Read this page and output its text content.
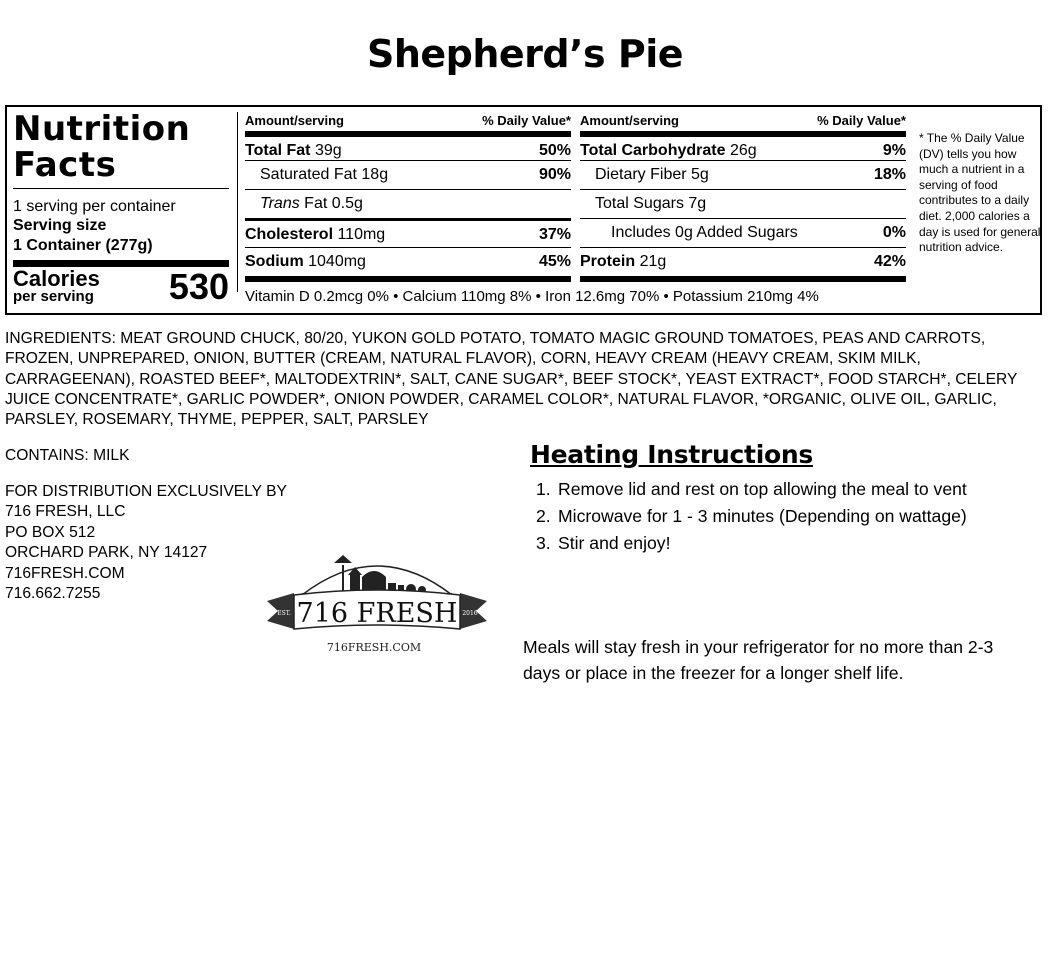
Shepherd’s Pie
Nutrition
Facts
1 serving per container
Serving size
1 Container (277g)
Calories
per serving 530
Amount/serving	% Daily Value*
Total Fat 39g	50%
Saturated Fat 18g	90%
Trans Fat 0.5g
Cholesterol 110mg	37%
Sodium 1040mg	45%
Amount/serving	% Daily Value*
Total Carbohydrate 26g	9%
Dietary Fiber 5g	18%
Total Sugars 7g
Includes 0g Added Sugars	0%
Protein 21g	42%
Vitamin D 0.2mcg 0% • Calcium 110mg 8% • Iron 12.6mg 70% • Potassium 210mg 4%
* The % Daily Value (DV) tells you how much a nutrient in a serving of food contributes to a daily diet. 2,000 calories a day is used for general nutrition advice.
INGREDIENTS: MEAT GROUND CHUCK, 80/20, YUKON GOLD POTATO, TOMATO MAGIC GROUND TOMATOES, PEAS AND CARROTS, FROZEN, UNPREPARED, ONION, BUTTER (CREAM, NATURAL FLAVOR), CORN, HEAVY CREAM (HEAVY CREAM, SKIM MILK, CARRAGEENAN), ROASTED BEEF*, MALTODEXTRIN*, SALT, CANE SUGAR*, BEEF STOCK*, YEAST EXTRACT*, FOOD STARCH*, CELERY JUICE CONCENTRATE*, GARLIC POWDER*, ONION POWDER, CARAMEL COLOR*, NATURAL FLAVOR, *ORGANIC, OLIVE OIL, GARLIC, PARSLEY, ROSEMARY, THYME, PEPPER, SALT, PARSLEY
CONTAINS: MILK
FOR DISTRIBUTION EXCLUSIVELY BY
716 FRESH, LLC
PO BOX 512
ORCHARD PARK, NY 14127
716FRESH.COM
716.662.7255
EST.	2016
716 FRESH
716FRESH.COM
Heating Instructions
1. Remove lid and rest on top allowing the meal to vent
2. Microwave for 1 - 3 minutes (Depending on wattage)
3. Stir and enjoy!
Meals will stay fresh in your refrigerator for no more than 2-3 days or place in the freezer for a longer shelf life.
